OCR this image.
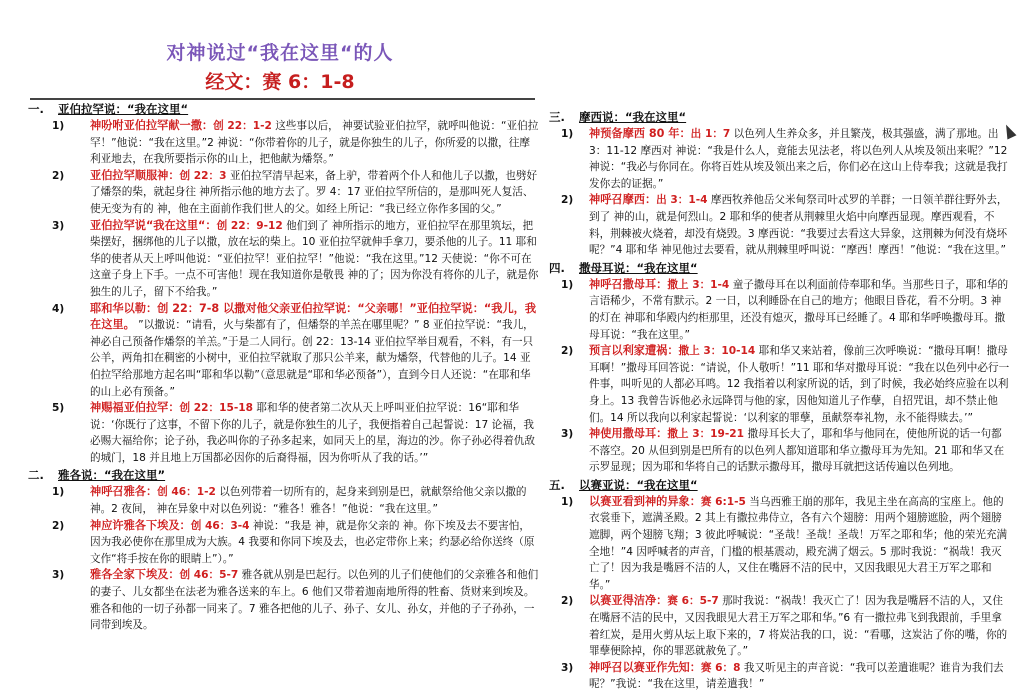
对神说过“我在这里“的人
经文：赛 6：1-8
一. 亚伯拉罕说：“我在这里“
1) 神吩咐亚伯拉罕献一撒：创 22：1-2 这些事以后， 神要试验亚伯拉罕，就呼叫他说：“亚伯拉罕！”他说：“我在这里。”2 神说：“你带着你的儿子，就是你独生的儿子，你所爱的以撒，往摩利亚地去，在我所要指示你的山上，把他献为燔祭。”
2) 亚伯拉罕顺服神：创 22：3 亚伯拉罕清早起来，备上驴，带着两个仆人和他儿子以撒，也劈好了燔祭的柴，就起身往 神所指示他的地方去了。罗 4：17 亚伯拉罕所信的，是那叫死人复活、使无变为有的 神，他在主面前作我们世人的父。如经上所记：“我已经立你作多国的父。”
3) 亚伯拉罕说“我在这里“：创 22：9-12 他们到了 神所指示的地方，亚伯拉罕在那里筑坛，把柴摆好，捆绑他的儿子以撒，放在坛的柴上。10 亚伯拉罕就伸手拿刀，要杀他的儿子。11 耶和华的使者从天上呼叫他说：“亚伯拉罕！亚伯拉罕！”他说：“我在这里。”12 天使说：“你不可在这童子身上下手。一点不可害他！现在我知道你是敬畏 神的了；因为你没有将你的儿子，就是你独生的儿子，留下不给我。”
4) 耶和华以勒：创 22：7-8 以撒对他父亲亚伯拉罕说：“父亲哪！”亚伯拉罕说：“我儿，我在这里。 ”以撒说：“请看，火与柴都有了，但燔祭的羊羔在哪里呢？” 8 亚伯拉罕说：“我儿， 神必自己预备作燔祭的羊羔。”于是二人同行。创 22：13-14 亚伯拉罕举目观看，不料，有一只公羊，两角扣在稠密的小树中，亚伯拉罕就取了那只公羊来，献为燔祭，代替他的儿子。14 亚伯拉罕给那地方起名叫“耶和华以勒”（意思就是“耶和华必预备”），直到今日人还说：“在耶和华的山上必有预备。”
5) 神赐福亚伯拉罕：创 22：15-18 耶和华的使者第二次从天上呼叫亚伯拉罕说：16“耶和华说：‘你既行了这事，不留下你的儿子，就是你独生的儿子，我便指着自己起誓说：17 论福，我必赐大福给你；论子孙，我必叫你的子孙多起来，如同天上的星，海边的沙。你子孙必得着仇敌的城门，18 并且地上万国都必因你的后裔得福，因为你听从了我的话。’”
二. 雅各说：“我在这里”
1) 神呼召雅各：创 46：1-2 以色列带着一切所有的，起身来到别是巴，就献祭给他父亲以撒的 神。2 夜间， 神在异象中对以色列说：“雅各！雅各！”他说：“我在这里。”
2) 神应许雅各下埃及：创 46：3-4 神说：“我是 神，就是你父亲的 神。你下埃及去不要害怕，因为我必使你在那里成为大族。4 我要和你同下埃及去，也必定带你上来；约瑟必给你送终（原文作“将手按在你的眼睛上”）。”
3) 雅各全家下埃及：创 46：5-7 雅各就从别是巴起行。以色列的儿子们使他们的父亲雅各和他们的妻子、儿女都坐在法老为雅各送来的车上。6 他们又带着迦南地所得的牲畜、货财来到埃及。雅各和他的一切子孙都一同来了。7 雅各把他的儿子、孙子、女儿、孙女，并他的子子孙孙，一同带到埃及。
三. 摩西说：“我在这里“
1) 神预备摩西 80 年：出 1：7 以色列人生养众多，并且繁茂，极其强盛，满了那地。出 3：11-12 摩西对 神说：“我是什么人，竟能去见法老，将以色列人从埃及领出来呢？”12 神说：“我必与你同在。你将百姓从埃及领出来之后，你们必在这山上侍奉我；这就是我打发你去的证据。”
2) 神呼召摩西：出 3：1-4 摩西牧养他岳父米甸祭司叶忒罗的羊群；一日领羊群往野外去，到了 神的山，就是何烈山。2 耶和华的使者从荆棘里火焰中向摩西显现。摩西观看，不料，荆棘被火烧着，却没有烧毁。3 摩西说：“我要过去看这大异象，这荆棘为何没有烧坏呢？”4 耶和华 神见他过去要看，就从荆棘里呼叫说：“摩西！摩西！”他说：“我在这里。”
四. 撒母耳说：“我在这里“
1) 神呼召撒母耳：撒上 3：1-4 童子撒母耳在以利面前侍奉耶和华。当那些日子，耶和华的言语稀少，不常有默示。2 一日，以利睡卧在自己的地方；他眼目昏花，看不分明。3 神的灯在 神耶和华殿内约柜那里，还没有熄灭，撒母耳已经睡了。4 耶和华呼唤撒母耳。撒母耳说：“我在这里。”
2) 预言以利家遭祸：撒上 3：10-14 耶和华又来站着，像前三次呼唤说：“撒母耳啊！撒母耳啊！”撒母耳回答说：“请说，仆人敬听！”11 耶和华对撒母耳说：“我在以色列中必行一件事，叫听见的人都必耳鸣。12 我指着以利家所说的话，到了时候，我必始终应验在以利身上。13 我曾告诉他必永远降罚与他的家，因他知道儿子作孽，自招咒诅，却不禁止他们。14 所以我向以利家起誓说：‘以利家的罪孽，虽献祭奉礼物，永不能得赎去。’”
3) 神使用撒母耳：撒上 3：19-21 撒母耳长大了，耶和华与他同在，使他所说的话一句都不落空。20 从但到别是巴所有的以色列人都知道耶和华立撒母耳为先知。21 耶和华又在示罗显现；因为耶和华将自己的话默示撒母耳，撒母耳就把这话传遍以色列地。
五. 以赛亚说：“我在这里“
1) 以赛亚看到神的异象：赛 6:1-5 当乌西雅王崩的那年，我见主坐在高高的宝座上。他的衣裳垂下，遮满圣殿。2 其上有撒拉弗侍立，各有六个翅膀：用两个翅膀遮脸，两个翅膀遮脚，两个翅膀飞翔；3 彼此呼喊说：“圣哉！圣哉！圣哉！万军之耶和华；他的荣光充满全地！”4 因呼喊者的声音，门槛的根基震动，殿充满了烟云。5 那时我说：“祸哉！我灭亡了！因为我是嘴唇不洁的人，又住在嘴唇不洁的民中，又因我眼见大君王万军之耶和华。”
2) 以赛亚得洁净：赛 6：5-7 那时我说：“祸哉！我灭亡了！因为我是嘴唇不洁的人，又住在嘴唇不洁的民中，又因我眼见大君王万军之耶和华。”6 有一撒拉弗飞到我跟前，手里拿着红炭，是用火剪从坛上取下来的，7 将炭沾我的口，说：“看哪，这炭沾了你的嘴，你的罪孽便除掉，你的罪恶就赦免了。”
3) 神呼召以赛亚作先知：赛 6：8 我又听见主的声音说：“我可以差遣谁呢？谁肯为我们去呢？”我说：“我在这里，请差遣我！”
